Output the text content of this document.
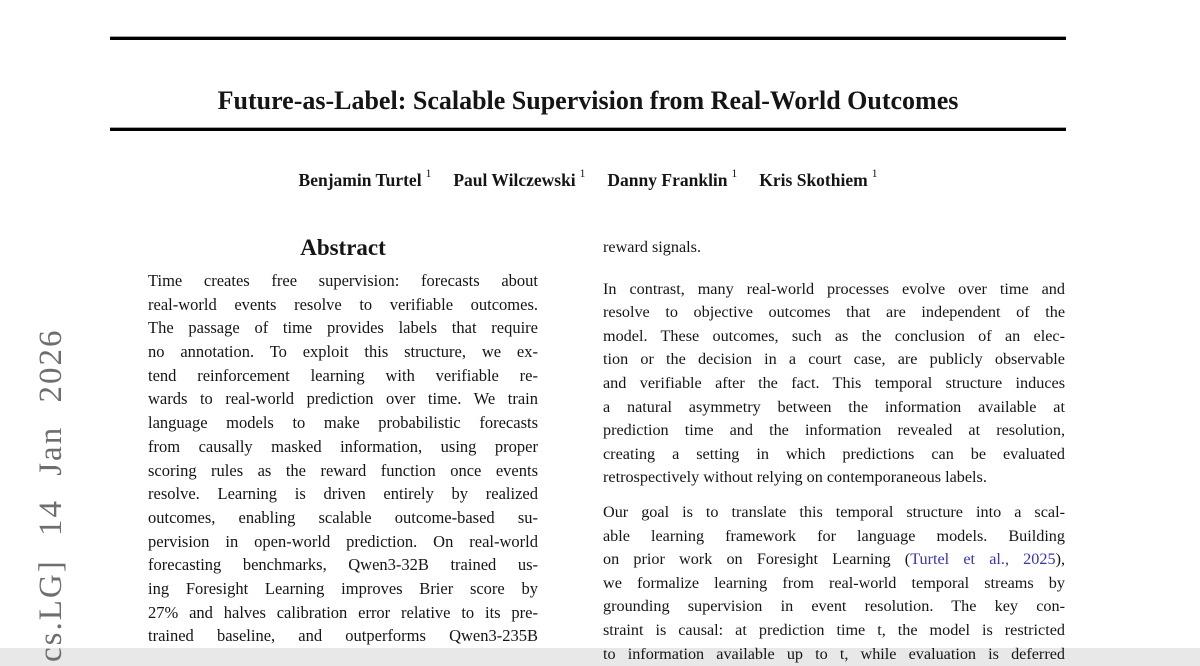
cs.LG] 14 Jan 2026
Future-as-Label: Scalable Supervision from Real-World Outcomes
Benjamin Turtel $^1$ Paul Wilczewski $^1$ Danny Franklin $^1$ Kris Skothiem $^1$
Abstract
Time creates free supervision: forecasts about
real-world events resolve to verifiable outcomes.
The passage of time provides labels that require
no annotation. To exploit this structure, we ex-
tend reinforcement learning with verifiable re-
wards to real-world prediction over time. We train
language models to make probabilistic forecasts
from causally masked information, using proper
scoring rules as the reward function once events
resolve. Learning is driven entirely by realized
outcomes, enabling scalable outcome-based su-
pervision in open-world prediction. On real-world
forecasting benchmarks, Qwen3-32B trained us-
ing Foresight Learning improves Brier score by
27% and halves calibration error relative to its pre-
trained baseline, and outperforms Qwen3-235B
reward signals.
In contrast, many real-world processes evolve over time and
resolve to objective outcomes that are independent of the
model. These outcomes, such as the conclusion of an elec-
tion or the decision in a court case, are publicly observable
and verifiable after the fact. This temporal structure induces
a natural asymmetry between the information available at
prediction time and the information revealed at resolution,
creating a setting in which predictions can be evaluated
retrospectively without relying on contemporaneous labels.
Our goal is to translate this temporal structure into a scal-
able learning framework for language models. Building
on prior work on Foresight Learning (Turtel et al., 2025),
we formalize learning from real-world temporal streams by
grounding supervision in event resolution. The key con-
straint is causal: at prediction time t, the model is restricted
to information available up to t, while evaluation is deferred
